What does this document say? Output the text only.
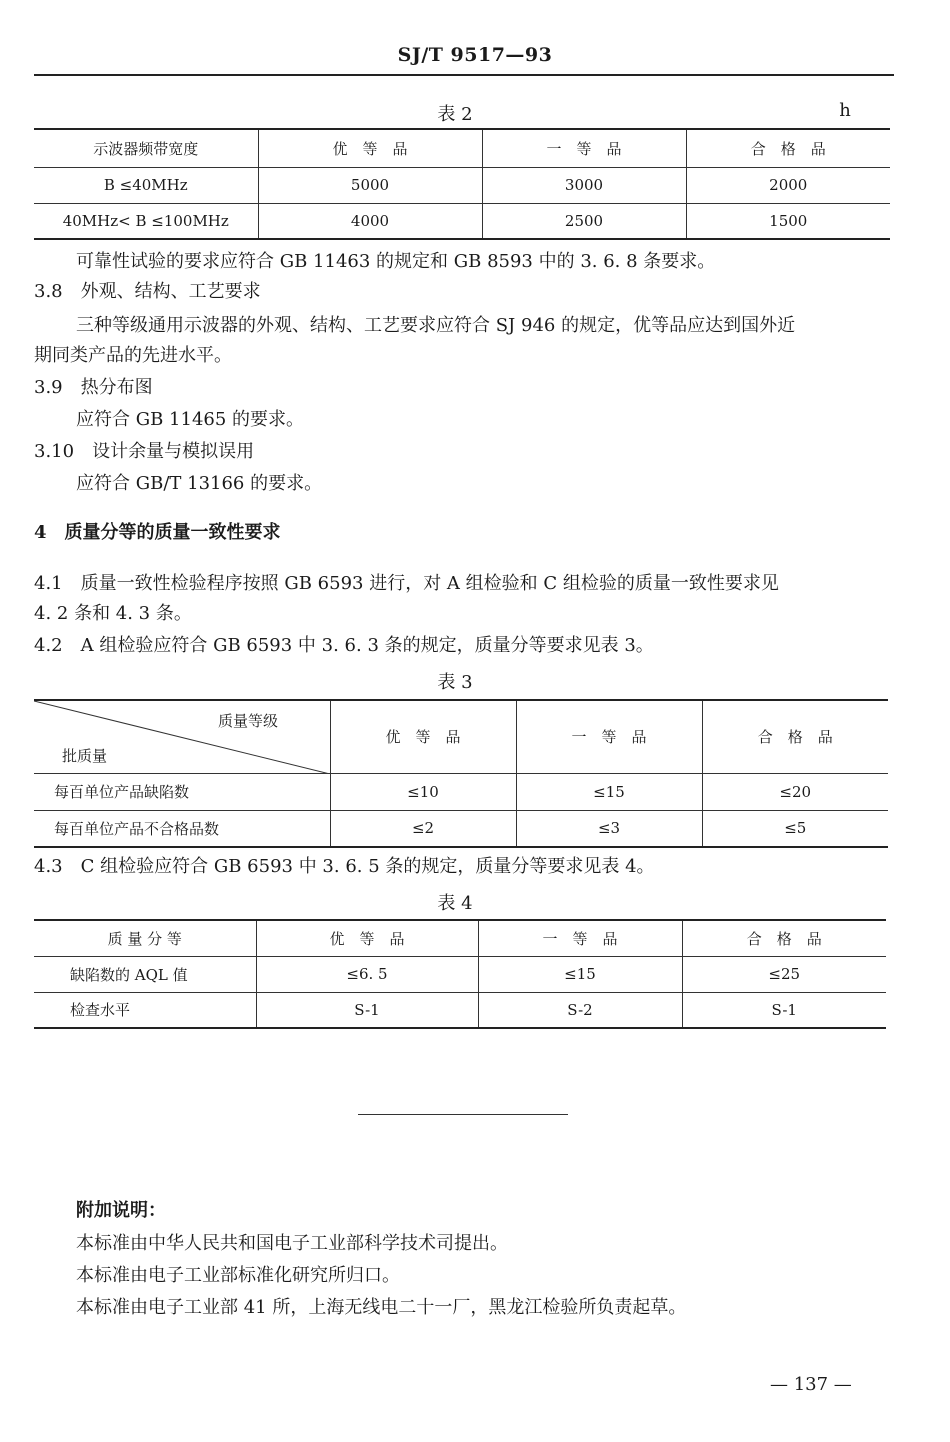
SJ/T 9517—93
表 2	h
示波器频带宽度	优　等　品	一　等　品	合　格　品
B ≤40MHz	5000	3000	2000
40MHz< B ≤100MHz	4000	2500	1500
可靠性试验的要求应符合 GB 11463 的规定和 GB 8593 中的 3. 6. 8 条要求。
3.8　外观、结构、工艺要求
三种等级通用示波器的外观、结构、工艺要求应符合 SJ 946 的规定，优等品应达到国外近
期同类产品的先进水平。
3.9　热分布图
应符合 GB 11465 的要求。
3.10　设计余量与模拟误用
应符合 GB/T 13166 的要求。
4　质量分等的质量一致性要求
4.1　质量一致性检验程序按照 GB 6593 进行，对 A 组检验和 C 组检验的质量一致性要求见
4. 2 条和 4. 3 条。
4.2　A 组检验应符合 GB 6593 中 3. 6. 3 条的规定，质量分等要求见表 3。
表 3
质量等级
批质量	优　等　品	一　等　品	合　格　品
每百单位产品缺陷数	≤10	≤15	≤20
每百单位产品不合格品数	≤2	≤3	≤5
4.3　C 组检验应符合 GB 6593 中 3. 6. 5 条的规定，质量分等要求见表 4。
表 4
质 量 分 等	优　等　品	一　等　品	合　格　品
缺陷数的 AQL 值	≤6. 5	≤15	≤25
检查水平	S-1	S-2	S-1
附加说明：
本标准由中华人民共和国电子工业部科学技术司提出。
本标准由电子工业部标准化研究所归口。
本标准由电子工业部 41 所，上海无线电二十一厂，黑龙江检验所负责起草。
— 137 —
